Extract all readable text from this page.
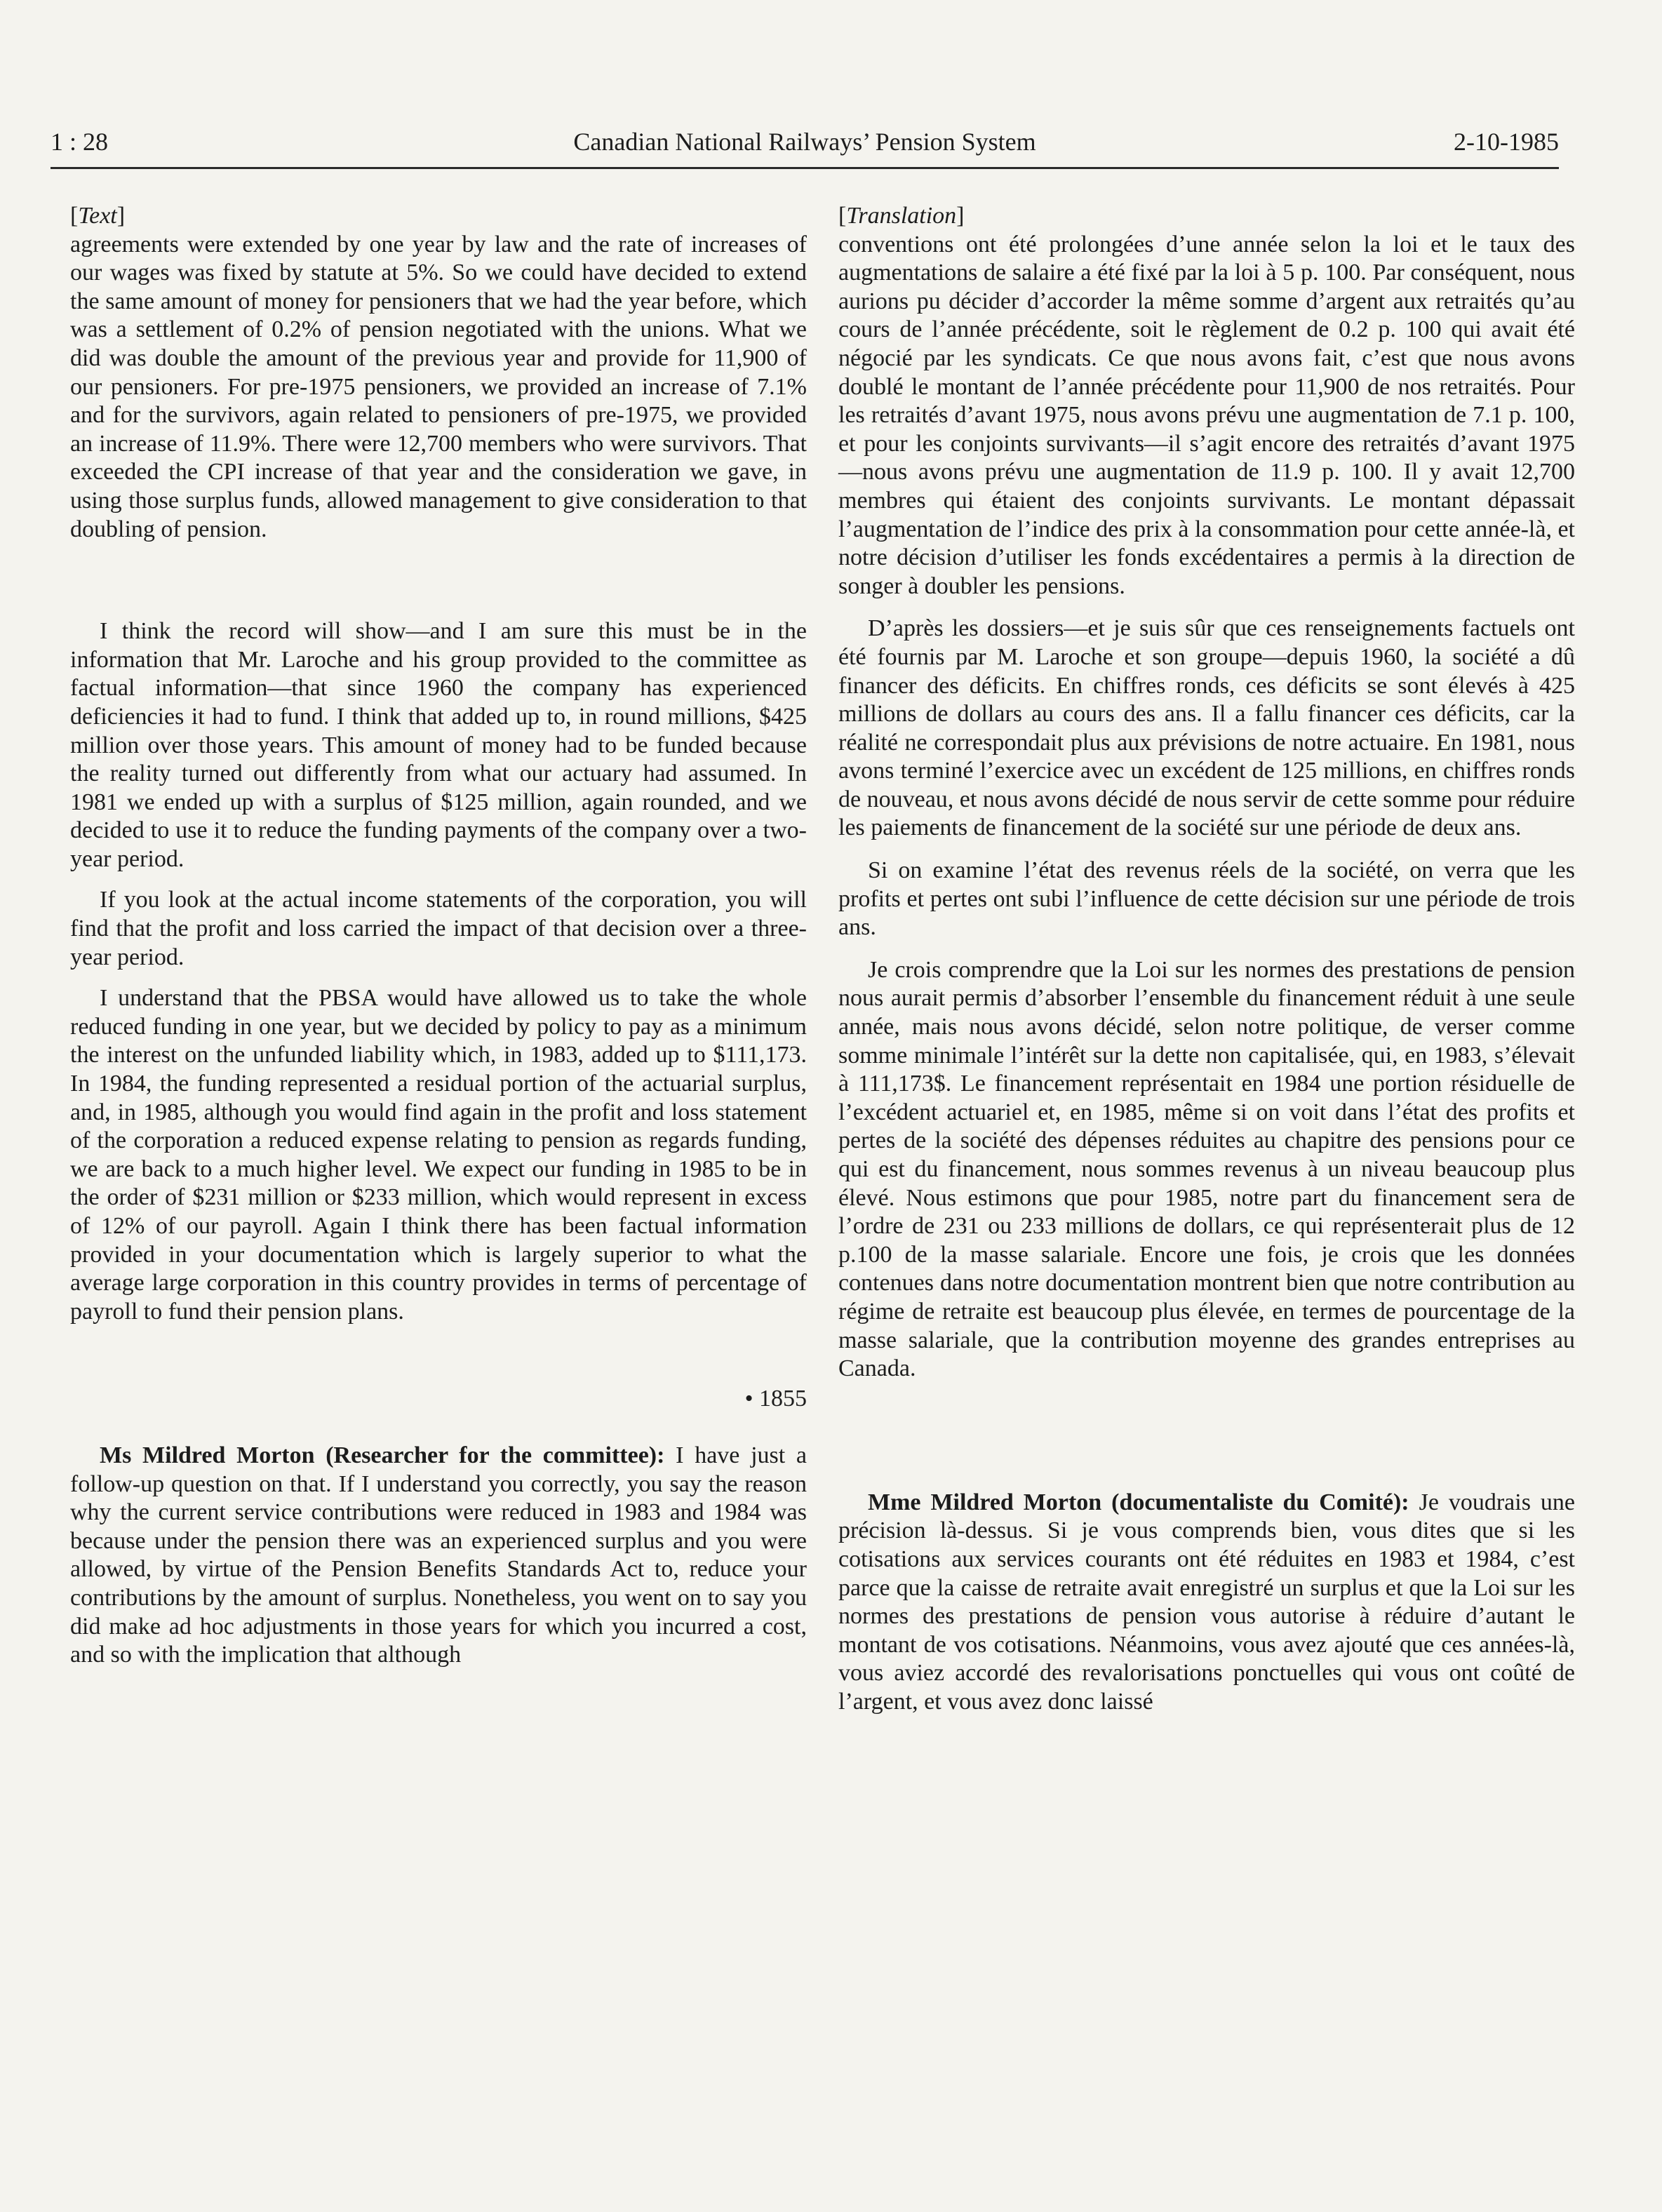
1 : 28	Canadian National Railways’ Pension System	2-10-1985

[Text]

agreements were extended by one year by law and the rate of increases of our wages was fixed by statute at 5%. So we could have decided to extend the same amount of money for pensioners that we had the year before, which was a settlement of 0.2% of pension negotiated with the unions. What we did was double the amount of the previous year and provide for 11,900 of our pensioners. For pre-1975 pensioners, we provided an increase of 7.1% and for the survivors, again related to pensioners of pre-1975, we provided an increase of 11.9%. There were 12,700 members who were survivors. That exceeded the CPI increase of that year and the consideration we gave, in using those surplus funds, allowed management to give consideration to that doubling of pension.

I think the record will show—and I am sure this must be in the information that Mr. Laroche and his group provided to the committee as factual information—that since 1960 the company has experienced deficiencies it had to fund. I think that added up to, in round millions, $425 million over those years. This amount of money had to be funded because the reality turned out differently from what our actuary had assumed. In 1981 we ended up with a surplus of $125 million, again rounded, and we decided to use it to reduce the funding payments of the company over a two-year period.

If you look at the actual income statements of the corporation, you will find that the profit and loss carried the impact of that decision over a three-year period.

I understand that the PBSA would have allowed us to take the whole reduced funding in one year, but we decided by policy to pay as a minimum the interest on the unfunded liability which, in 1983, added up to $111,173. In 1984, the funding represented a residual portion of the actuarial surplus, and, in 1985, although you would find again in the profit and loss statement of the corporation a reduced expense relating to pension as regards funding, we are back to a much higher level. We expect our funding in 1985 to be in the order of $231 million or $233 million, which would represent in excess of 12% of our payroll. Again I think there has been factual information provided in your documentation which is largely superior to what the average large corporation in this country provides in terms of percentage of payroll to fund their pension plans.

• 1855

Ms Mildred Morton (Researcher for the committee): I have just a follow-up question on that. If I understand you correctly, you say the reason why the current service contributions were reduced in 1983 and 1984 was because under the pension there was an experienced surplus and you were allowed, by virtue of the Pension Benefits Standards Act to, reduce your contributions by the amount of surplus. Nonetheless, you went on to say you did make ad hoc adjustments in those years for which you incurred a cost, and so with the implication that although

[Translation]

conventions ont été prolongées d’une année selon la loi et le taux des augmentations de salaire a été fixé par la loi à 5 p. 100. Par conséquent, nous aurions pu décider d’accorder la même somme d’argent aux retraités qu’au cours de l’année précédente, soit le règlement de 0.2 p. 100 qui avait été négocié par les syndicats. Ce que nous avons fait, c’est que nous avons doublé le montant de l’année précédente pour 11,900 de nos retraités. Pour les retraités d’avant 1975, nous avons prévu une augmentation de 7.1 p. 100, et pour les conjoints survivants—il s’agit encore des retraités d’avant 1975—nous avons prévu une augmentation de 11.9 p. 100. Il y avait 12,700 membres qui étaient des conjoints survivants. Le montant dépassait l’augmentation de l’indice des prix à la consommation pour cette année-là, et notre décision d’utiliser les fonds excédentaires a permis à la direction de songer à doubler les pensions.

D’après les dossiers—et je suis sûr que ces renseignements factuels ont été fournis par M. Laroche et son groupe—depuis 1960, la société a dû financer des déficits. En chiffres ronds, ces déficits se sont élevés à 425 millions de dollars au cours des ans. Il a fallu financer ces déficits, car la réalité ne correspondait plus aux prévisions de notre actuaire. En 1981, nous avons terminé l’exercice avec un excédent de 125 millions, en chiffres ronds de nouveau, et nous avons décidé de nous servir de cette somme pour réduire les paiements de financement de la société sur une période de deux ans.

Si on examine l’état des revenus réels de la société, on verra que les profits et pertes ont subi l’influence de cette décision sur une période de trois ans.

Je crois comprendre que la Loi sur les normes des prestations de pension nous aurait permis d’absorber l’ensemble du financement réduit à une seule année, mais nous avons décidé, selon notre politique, de verser comme somme minimale l’intérêt sur la dette non capitalisée, qui, en 1983, s’élevait à 111,173$. Le financement représentait en 1984 une portion résiduelle de l’excédent actuariel et, en 1985, même si on voit dans l’état des profits et pertes de la société des dépenses réduites au chapitre des pensions pour ce qui est du financement, nous sommes revenus à un niveau beaucoup plus élevé. Nous estimons que pour 1985, notre part du financement sera de l’ordre de 231 ou 233 millions de dollars, ce qui représenterait plus de 12 p.100 de la masse salariale. Encore une fois, je crois que les données contenues dans notre documentation montrent bien que notre contribution au régime de retraite est beaucoup plus élevée, en termes de pourcentage de la masse salariale, que la contribution moyenne des grandes entreprises au Canada.

Mme Mildred Morton (documentaliste du Comité): Je voudrais une précision là-dessus. Si je vous comprends bien, vous dites que si les cotisations aux services courants ont été réduites en 1983 et 1984, c’est parce que la caisse de retraite avait enregistré un surplus et que la Loi sur les normes des prestations de pension vous autorise à réduire d’autant le montant de vos cotisations. Néanmoins, vous avez ajouté que ces années-là, vous aviez accordé des revalorisations ponctuelles qui vous ont coûté de l’argent, et vous avez donc laissé
